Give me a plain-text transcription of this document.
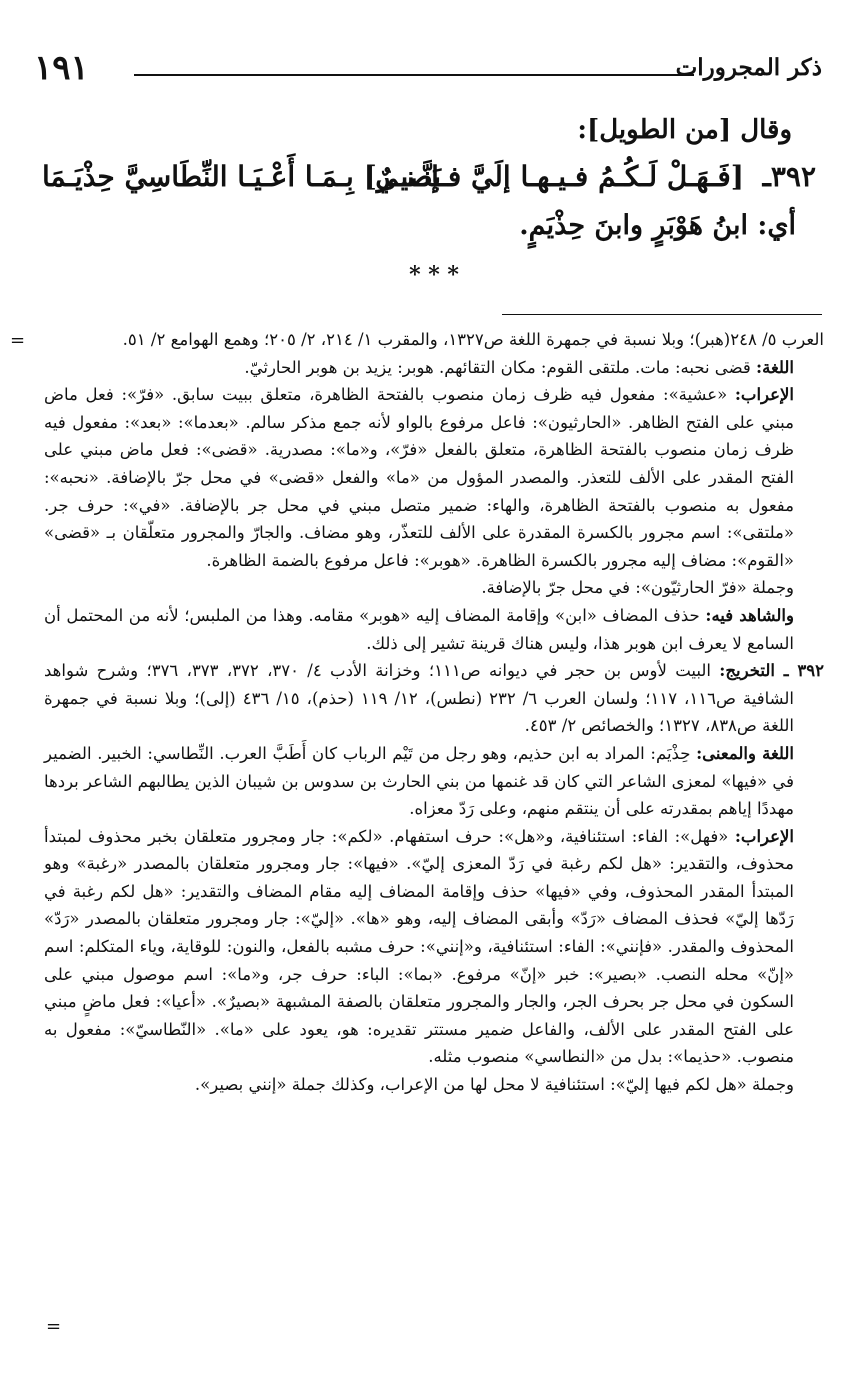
١٩١	ذكر المجرورات
وقال [من الطويل]:
٣٩٢ـ
[فَـهَـلْ لَـكُـمُ فـيـهـا إلَيَّ فـإنَّـنـي
بَصيـرٌ] بِـمَـا أَعْـيَـا النِّطَاسِيَّ حِذْيَـمَا
أي: ابنُ هَوْبَرٍ وابنَ حِذْيَمٍ.
* * *
=
=

العرب ٥/ ٢٤٨(هبر)؛ وبلا نسبة في جمهرة اللغة ص١٣٢٧، والمقرب ١/ ٢١٤، ٢/ ٢٠٥؛ وهمع الهوامع ٢/ ٥١.

اللغة: قضى نحبه: مات. ملتقى القوم: مكان التقائهم. هوبر: يزيد بن هوبر الحارثيّ.

الإعراب: «عشية»: مفعول فيه ظرف زمان منصوب بالفتحة الظاهرة، متعلق ببيت سابق. «فرّ»: فعل ماض مبني على الفتح الظاهر. «الحارثيون»: فاعل مرفوع بالواو لأنه جمع مذكر سالم. «بعدما»: «بعد»: مفعول فيه ظرف زمان منصوب بالفتحة الظاهرة، متعلق بالفعل «فرّ»، و«ما»: مصدرية. «قضى»: فعل ماض مبني على الفتح المقدر على الألف للتعذر. والمصدر المؤول من «ما» والفعل «قضى» في محل جرّ بالإضافة. «نحبه»: مفعول به منصوب بالفتحة الظاهرة، والهاء: ضمير متصل مبني في محل جر بالإضافة. «في»: حرف جر. «ملتقى»: اسم مجرور بالكسرة المقدرة على الألف للتعذّر، وهو مضاف. والجارّ والمجرور متعلّقان بـ «قضى» «القوم»: مضاف إليه مجرور بالكسرة الظاهرة. «هوبر»: فاعل مرفوع بالضمة الظاهرة.

وجملة «فرّ الحارثيّون»: في محل جرّ بالإضافة.

والشاهد فيه: حذف المضاف «ابن» وإقامة المضاف إليه «هوبر» مقامه. وهذا من الملبس؛ لأنه من المحتمل أن السامع لا يعرف ابن هوبر هذا، وليس هناك قرينة تشير إلى ذلك.

٣٩٢ ـ التخريج: البيت لأوس بن حجر في ديوانه ص١١١؛ وخزانة الأدب ٤/ ٣٧٠، ٣٧٢، ٣٧٣، ٣٧٦؛ وشرح شواهد الشافية ص١١٦، ١١٧؛ ولسان العرب ٦/ ٢٣٢ (نطس)، ١٢/ ١١٩ (حذم)، ١٥/ ٤٣٦ (إلى)؛ وبلا نسبة في جمهرة اللغة ص٨٣٨، ١٣٢٧؛ والخصائص ٢/ ٤٥٣.

اللغة والمعنى: حِذْيَم: المراد به ابن حذيم، وهو رجل من تَيْم الرباب كان أَطَبَّ العرب. النِّطاسي: الخبير. الضمير في «فيها» لمعزى الشاعر التي كان قد غنمها من بني الحارث بن سدوس بن شيبان الذين يطالبهم الشاعر بردها مهددًا إياهم بمقدرته على أن ينتقم منهم، وعلى رَدّ معزاه.

الإعراب: «فهل»: الفاء: استئنافية، و«هل»: حرف استفهام. «لكم»: جار ومجرور متعلقان بخبر محذوف لمبتدأ محذوف، والتقدير: «هل لكم رغبة في رَدّ المعزى إليّ». «فيها»: جار ومجرور متعلقان بالمصدر «رغبة» وهو المبتدأ المقدر المحذوف، وفي «فيها» حذف وإقامة المضاف إليه مقام المضاف والتقدير: «هل لكم رغبة في رَدّها إليّ» فحذف المضاف «رَدّ» وأبقى المضاف إليه، وهو «ها». «إليّ»: جار ومجرور متعلقان بالمصدر «رَدّ» المحذوف والمقدر. «فإنني»: الفاء: استئنافية، و«إنني»: حرف مشبه بالفعل، والنون: للوقاية، وياء المتكلم: اسم «إنّ» محله النصب. «بصير»: خبر «إنّ» مرفوع. «بما»: الباء: حرف جر، و«ما»: اسم موصول مبني على السكون في محل جر بحرف الجر، والجار والمجرور متعلقان بالصفة المشبهة «بصيرٌ». «أعيا»: فعل ماضٍ مبني على الفتح المقدر على الألف، والفاعل ضمير مستتر تقديره: هو، يعود على «ما». «النّطاسيّ»: مفعول به منصوب. «حذيما»: بدل من «النطاسي» منصوب مثله.

وجملة «هل لكم فيها إليّ»: استئنافية لا محل لها من الإعراب، وكذلك جملة «إنني بصير».
